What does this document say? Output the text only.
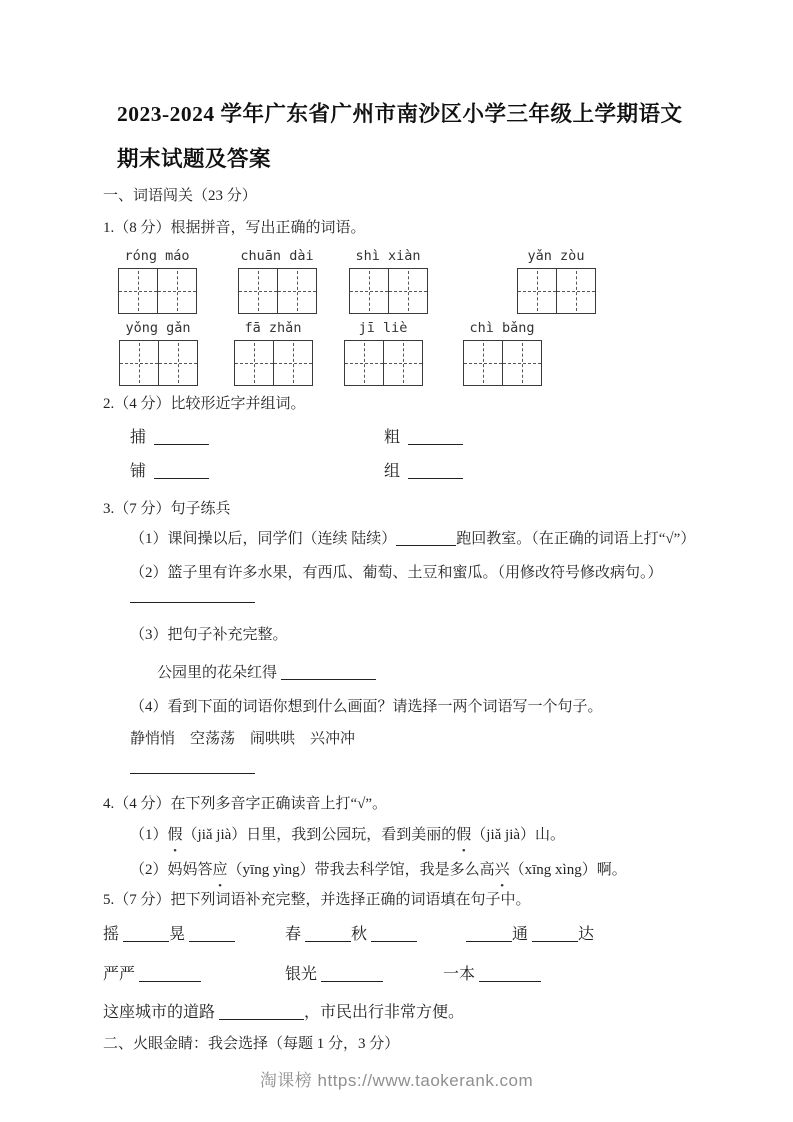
2023-2024 学年广东省广州市南沙区小学三年级上学期语文
期末试题及答案

一、词语闯关（23 分）

1.（8 分）根据拼音，写出正确的词语。

róng máo	chuān dài	shì xiàn	yǎn zòu
yǒng gǎn	fā zhǎn	jī liè	chì bǎng

2.（4 分）比较形近字并组词。

捕	粗
铺	组

3.（7 分）句子练兵

（1）课间操以后，同学们（连续 陆续）	跑回教室。（在正确的词语上打“√”）

（2）篮子里有许多水果，有西瓜、葡萄、土豆和蜜瓜。（用修改符号修改病句。）

（3）把句子补充完整。

公园里的花朵红得

（4）看到下面的词语你想到什么画面？请选择一两个词语写一个句子。

静悄悄　空荡荡　闹哄哄　兴冲冲

4.（4 分）在下列多音字正确读音上打“√”。

（1）假（jiǎ jià）日里，我到公园玩，看到美丽的假（jiǎ jià）山。

（2）妈妈答应（yīng yìng）带我去科学馆，我是多么高兴（xīng xìng）啊。

5.（7 分）把下列词语补充完整，并选择正确的词语填在句子中。

摇	晃	春	秋	通	达
严严	银光	一本
这座城市的道路	，市民出行非常方便。

二、火眼金睛：我会选择（每题 1 分，3 分）

淘课榜 https://www.taokerank.com
